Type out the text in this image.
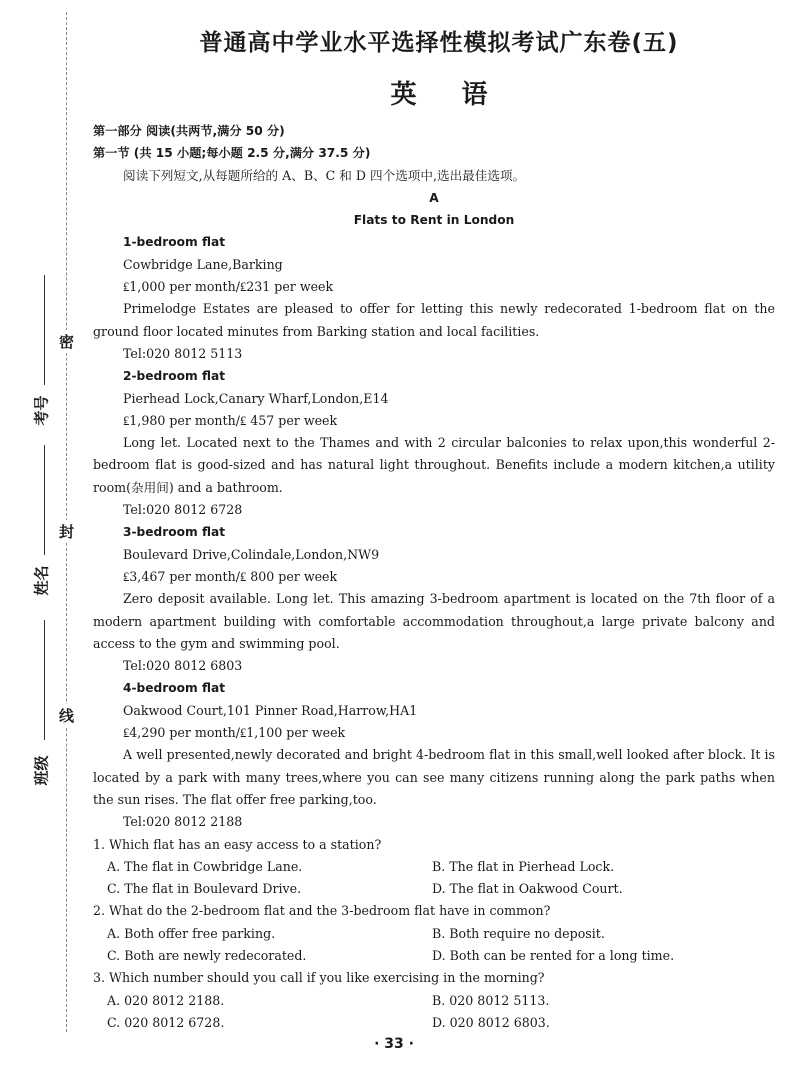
考号
姓名
班级
密
封
线
普通高中学业水平选择性模拟考试广东卷(五)
英 语

第一部分 阅读(共两节,满分 50 分)

第一节 (共 15 小题;每小题 2.5 分,满分 37.5 分)

阅读下列短文,从每题所给的 A、B、C 和 D 四个选项中,选出最佳选项。

A

Flats to Rent in London

1-bedroom flat

Cowbridge Lane,Barking

₤1,000 per month/₤231 per week

Primelodge Estates are pleased to offer for letting this newly redecorated 1-bedroom flat on the ground floor located minutes from Barking station and local facilities.

Tel:020 8012 5113

2-bedroom flat

Pierhead Lock,Canary Wharf,London,E14

₤1,980 per month/₤ 457 per week

Long let. Located next to the Thames and with 2 circular balconies to relax upon,this wonderful 2-bedroom flat is good-sized and has natural light throughout. Benefits include a modern kitchen,a utility room(杂用间) and a bathroom.

Tel:020 8012 6728

3-bedroom flat

Boulevard Drive,Colindale,London,NW9

₤3,467 per month/₤ 800 per week

Zero deposit available. Long let. This amazing 3-bedroom apartment is located on the 7th floor of a modern apartment building with comfortable accommodation throughout,a large private balcony and access to the gym and swimming pool.

Tel:020 8012 6803

4-bedroom flat

Oakwood Court,101 Pinner Road,Harrow,HA1

₤4,290 per month/₤1,100 per week

A well presented,newly decorated and bright 4-bedroom flat in this small,well looked after block. It is located by a park with many trees,where you can see many citizens running along the park paths when the sun rises. The flat offer free parking,too.

Tel:020 8012 2188

1. Which flat has an easy access to a station?

A. The flat in Cowbridge Lane.	B. The flat in Pierhead Lock.
C. The flat in Boulevard Drive.	D. The flat in Oakwood Court.

2. What do the 2-bedroom flat and the 3-bedroom flat have in common?

A. Both offer free parking.	B. Both require no deposit.
C. Both are newly redecorated.	D. Both can be rented for a long time.

3. Which number should you call if you like exercising in the morning?

A. 020 8012 2188.	B. 020 8012 5113.
C. 020 8012 6728.	D. 020 8012 6803.
· 33 ·
